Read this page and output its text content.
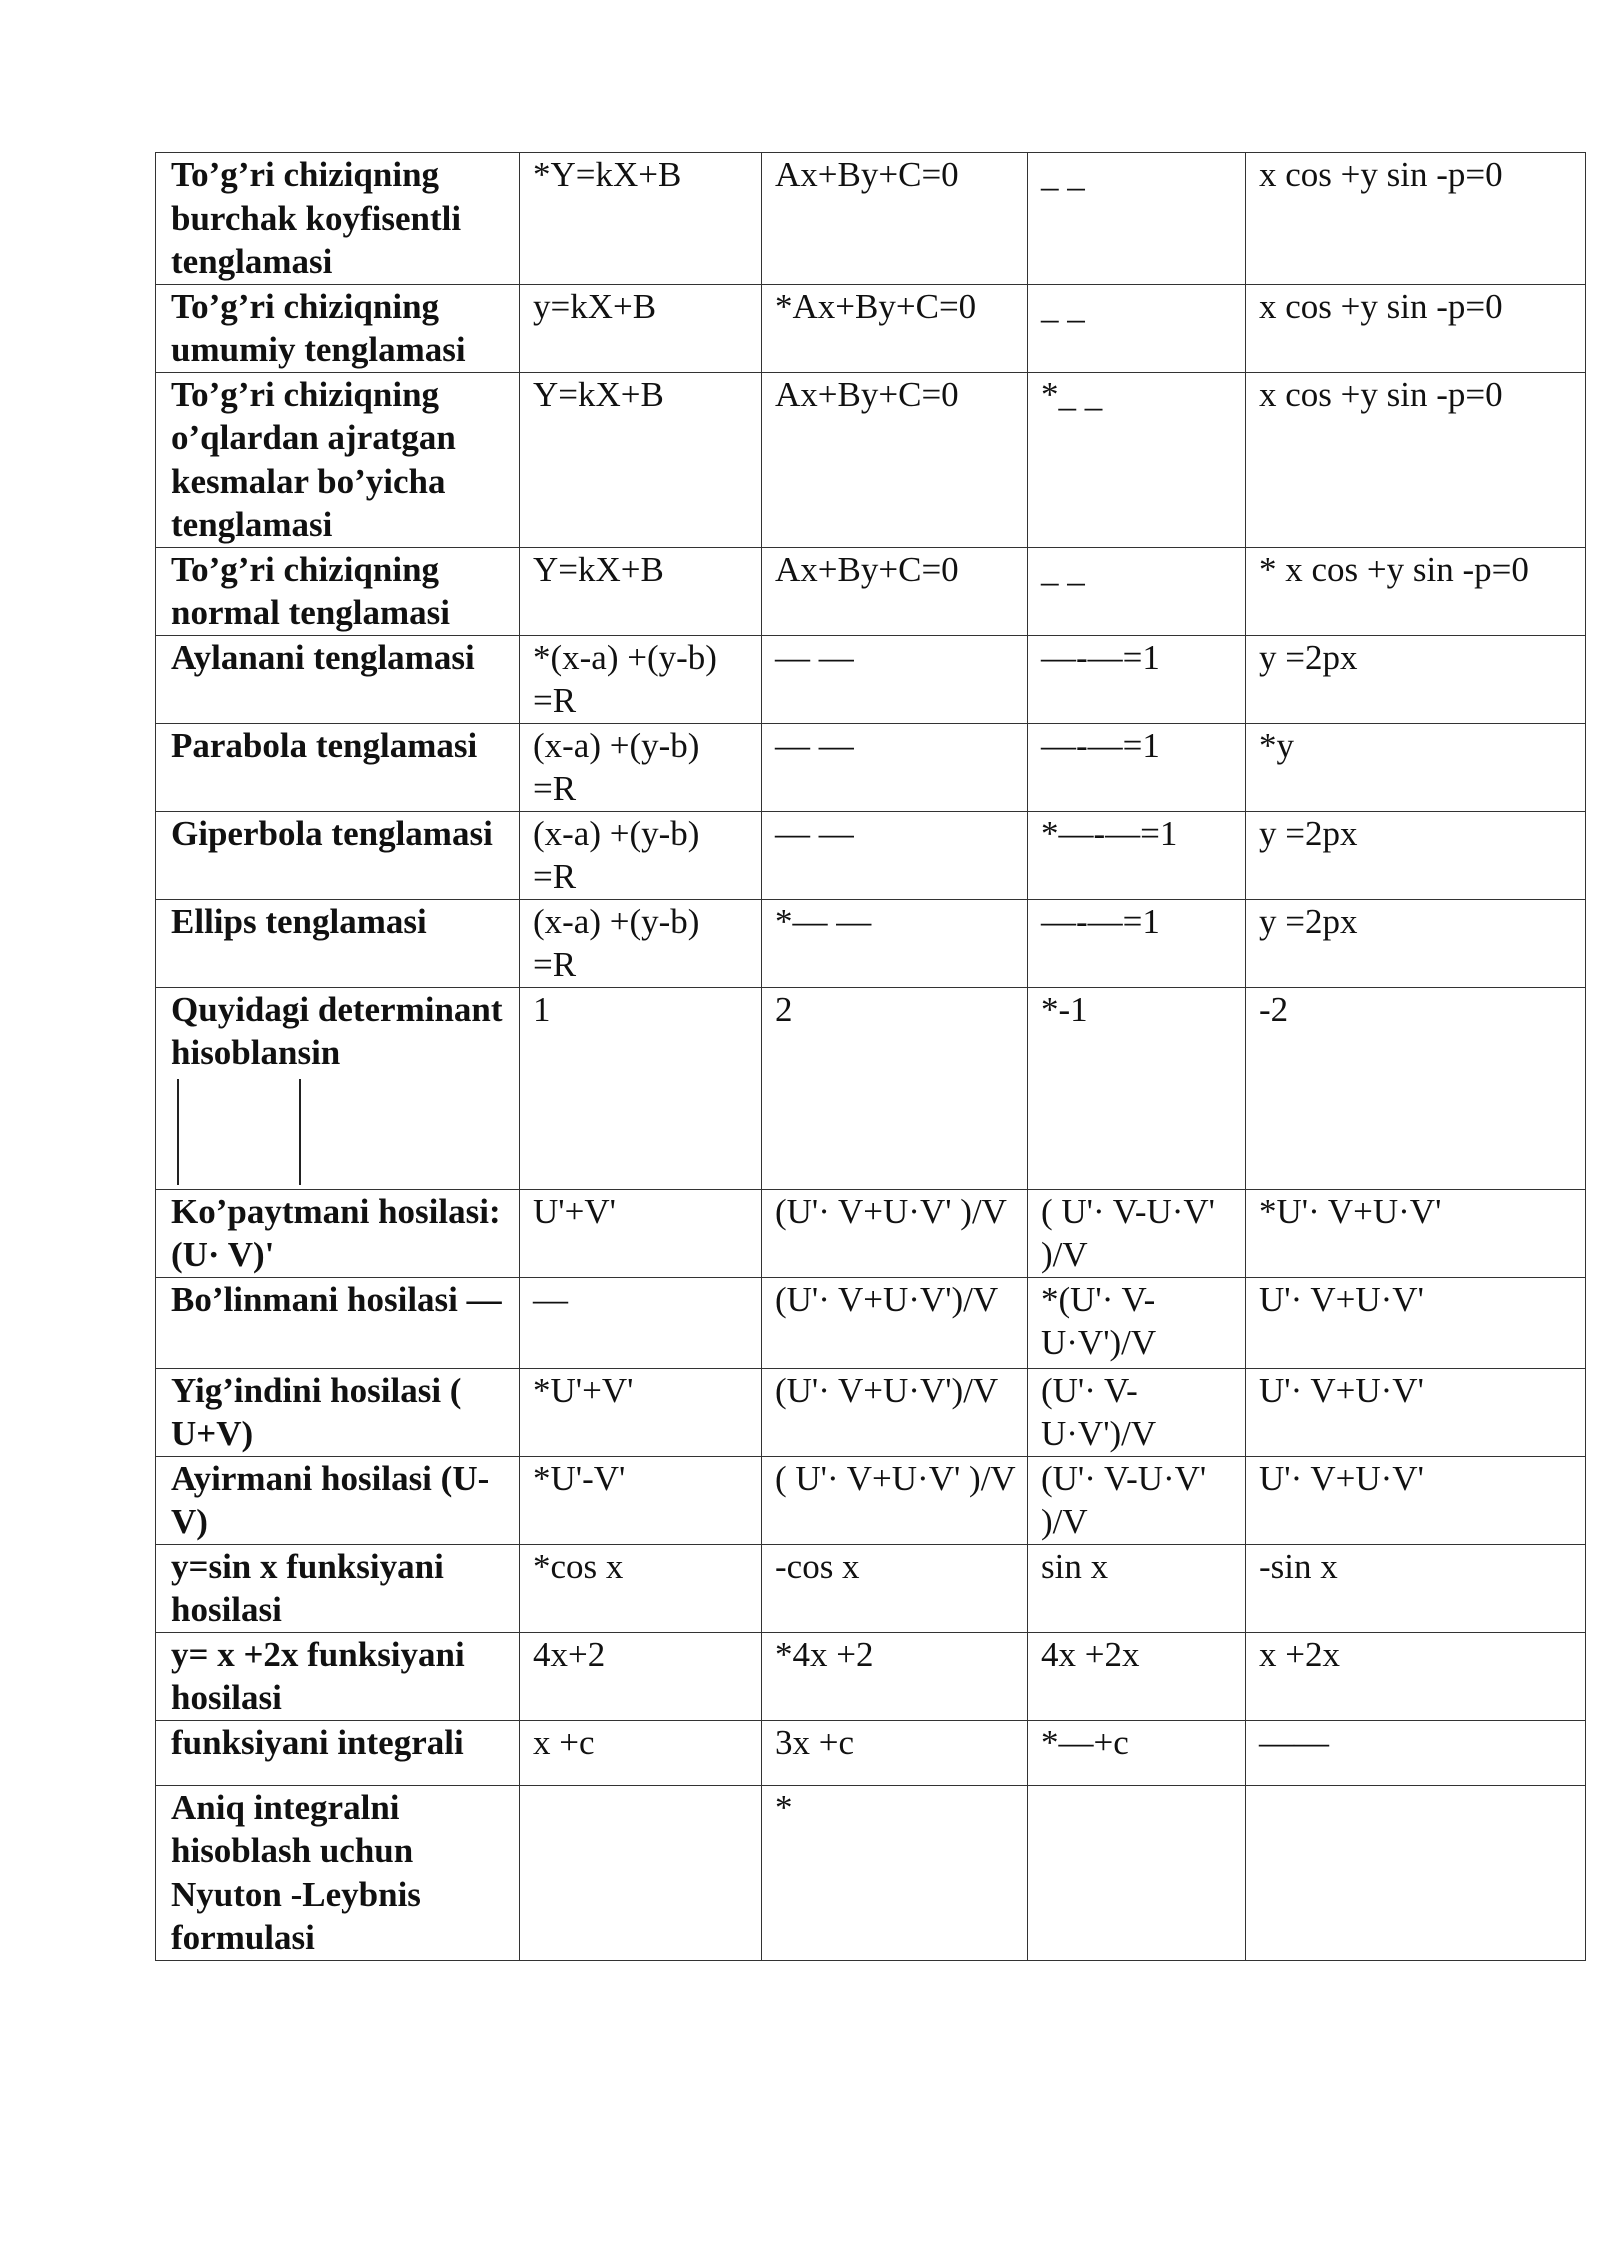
To’g’ri chiziqning burchak koyfisentli tenglamasi	*Y=kX+B	Ax+By+C=0	_ _	x cos +y sin -p=0
To’g’ri chiziqning umumiy tenglamasi	y=kX+B	*Ax+By+C=0	_ _	x cos +y sin -p=0
To’g’ri chiziqning o’qlardan ajratgan kesmalar bo’yicha tenglamasi	Y=kX+B	Ax+By+C=0	*_ _	x cos +y sin -p=0
To’g’ri chiziqning normal tenglamasi	Y=kX+B	Ax+By+C=0	_ _	* x cos +y sin -p=0
Aylanani tenglamasi	*(x-a) +(y-b) =R	— —	—-—=1	y =2px
Parabola tenglamasi	(x-a) +(y-b) =R	— —	—-—=1	*y
Giperbola tenglamasi	(x-a) +(y-b) =R	— —	*—-—=1	y =2px
Ellips tenglamasi	(x-a) +(y-b) =R	*— —	—-—=1	y =2px
Quyidagi determinant hisoblansin	1	2	*-1	-2
Ko’paytmani hosilasi: (U· V)'	U'+V'	(U'· V+U·V' )/V	( U'· V-U·V' )/V	*U'· V+U·V'
Bo’linmani hosilasi —	—	(U'· V+U·V')/V	*(U'· V-U·V')/V	U'· V+U·V'
Yig’indini hosilasi ( U+V)	*U'+V'	(U'· V+U·V')/V	(U'· V-U·V')/V	U'· V+U·V'
Ayirmani hosilasi (U-V)	*U'-V'	( U'· V+U·V' )/V	(U'· V-U·V' )/V	U'· V+U·V'
y=sin x funksiyani hosilasi	*cos x	-cos x	sin x	-sin x
y= x +2x funksiyani hosilasi	4x+2	*4x +2	4x +2x	x +2x
funksiyani integrali	x +c	3x +c	*—+c	——
Aniq integralni hisoblash uchun Nyuton -Leybnis formulasi		*		
